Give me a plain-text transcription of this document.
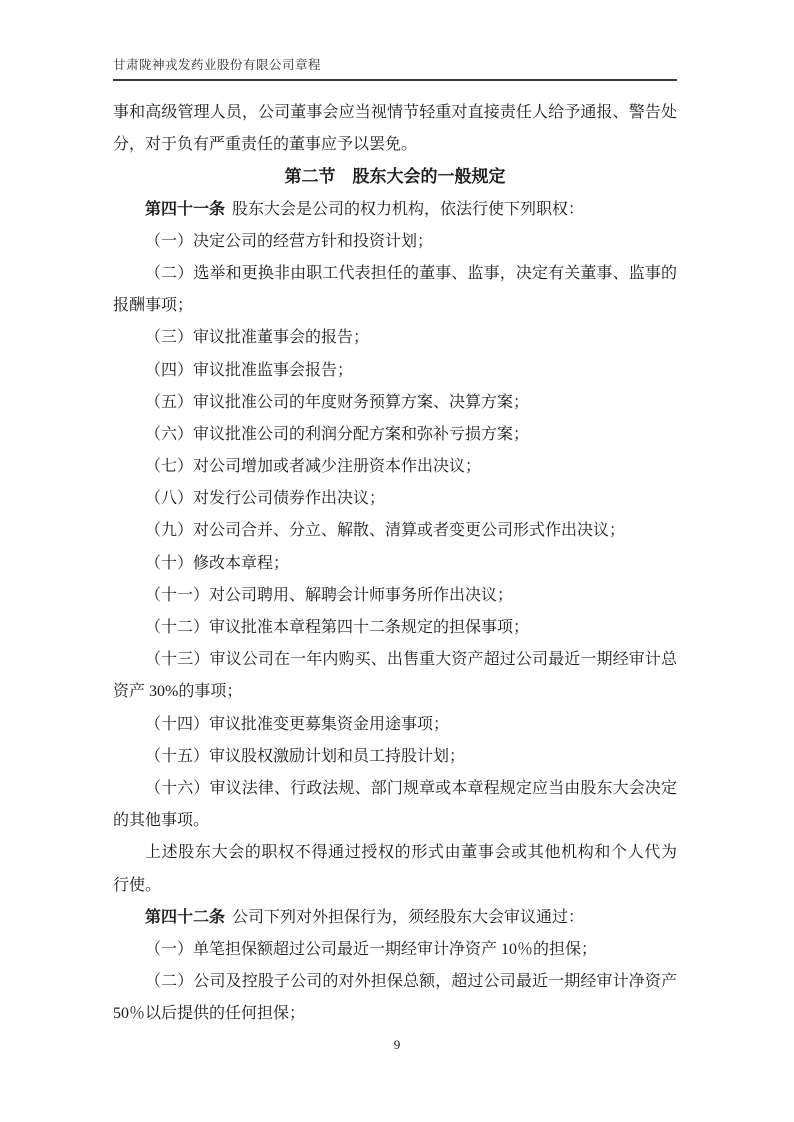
甘肃陇神戎发药业股份有限公司章程
事和高级管理人员，公司董事会应当视情节轻重对直接责任人给予通报、警告处
分，对于负有严重责任的董事应予以罢免。
第二节　股东大会的一般规定
第四十一条 股东大会是公司的权力机构，依法行使下列职权：
（一）决定公司的经营方针和投资计划；
（二）选举和更换非由职工代表担任的董事、监事，决定有关董事、监事的
报酬事项；
（三）审议批准董事会的报告；
（四）审议批准监事会报告；
（五）审议批准公司的年度财务预算方案、决算方案；
（六）审议批准公司的利润分配方案和弥补亏损方案；
（七）对公司增加或者减少注册资本作出决议；
（八）对发行公司债券作出决议；
（九）对公司合并、分立、解散、清算或者变更公司形式作出决议；
（十）修改本章程；
（十一）对公司聘用、解聘会计师事务所作出决议；
（十二）审议批准本章程第四十二条规定的担保事项；
（十三）审议公司在一年内购买、出售重大资产超过公司最近一期经审计总
资产 30%的事项；
（十四）审议批准变更募集资金用途事项；
（十五）审议股权激励计划和员工持股计划；
（十六）审议法律、行政法规、部门规章或本章程规定应当由股东大会决定
的其他事项。
上述股东大会的职权不得通过授权的形式由董事会或其他机构和个人代为
行使。
第四十二条 公司下列对外担保行为，须经股东大会审议通过：
（一）单笔担保额超过公司最近一期经审计净资产 10％的担保；
（二）公司及控股子公司的对外担保总额，超过公司最近一期经审计净资产
50％以后提供的任何担保；
9
